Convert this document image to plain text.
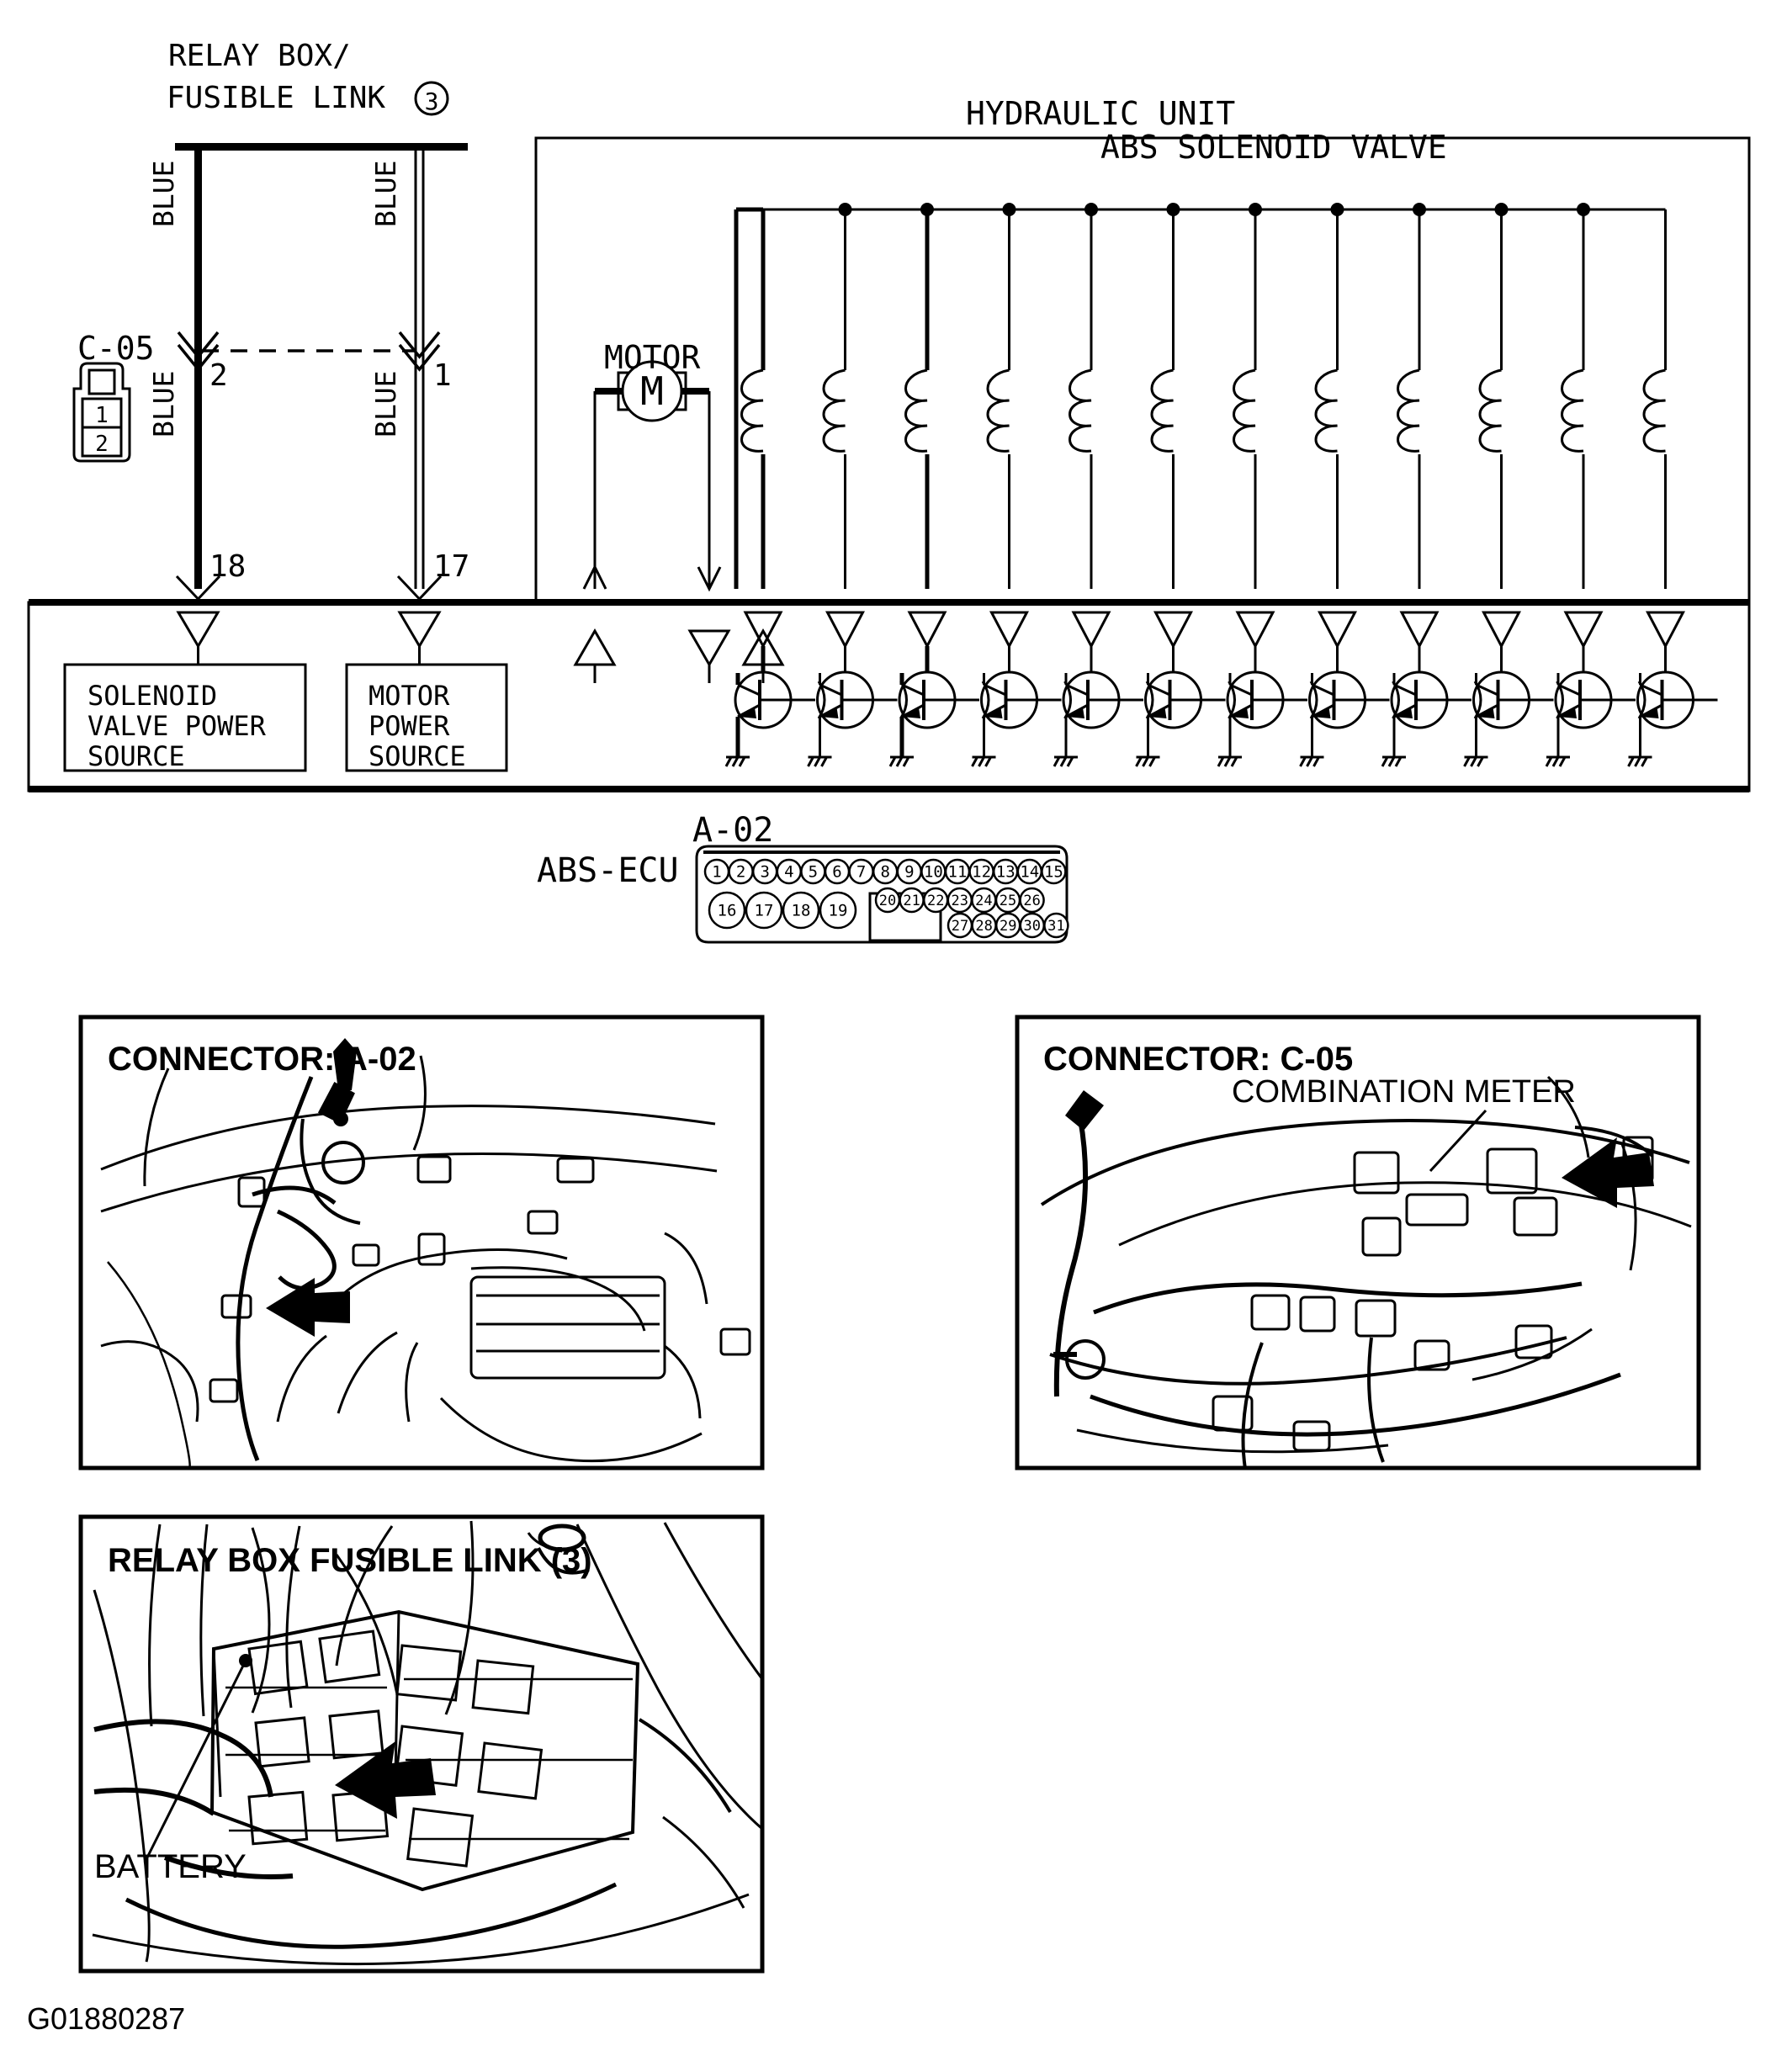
M
1 2 3 4 5 6 7 8 9 10 11 12 13 14 15
16 17 18 19
20 21 22 23 24 25 26
27 28 29 30 31
RELAY BOX/
FUSIBLE LINK 3	HYDRAULIC UNIT
ABS SOLENOID VALVE
MOTOR
BLUE
BLUE
BLUE
BLUE
C-05
1
2
2	1
18	17
SOLENOID
VALVE POWER
SOURCE
MOTOR
POWER
SOURCE
ABS-ECU
A-02
CONNECTOR: A-02	CONNECTOR: C-05
COMBINATION METER
RELAY BOX FUSIBLE LINK (3)
BATTERY
G01880287
